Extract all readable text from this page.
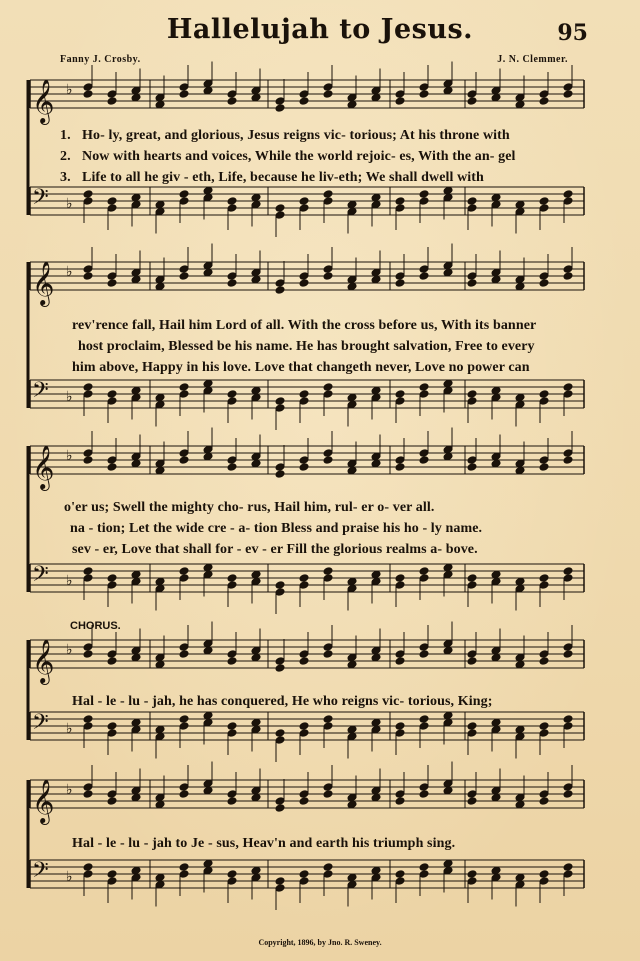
Hallelujah to Jesus.	95
Fanny J. Crosby.	J. N. Clemmer.
𝄞 ♭
𝄢 ♭
𝄞 ♭
𝄢 ♭
𝄞 ♭
𝄢 ♭
𝄞 ♭
𝄢 ♭
𝄞 ♭
𝄢 ♭
1. Ho- ly, great, and glorious, Jesus reigns vic- torious; At his throne with
2. Now with hearts and voices, While the world rejoic- es, With the an- gel
3. Life to all he giv - eth, Life, because he liv-eth; We shall dwell with
rev'rence fall, Hail him Lord of all. With the cross before us, With its banner
host proclaim, Blessed be his name. He has brought salvation, Free to every
him above, Happy in his love. Love that changeth never, Love no power can
o'er us; Swell the mighty cho- rus, Hail him, rul- er o- ver all.
na - tion; Let the wide cre - a- tion Bless and praise his ho - ly name.
sev - er, Love that shall for - ev - er Fill the glorious realms a- bove.
CHORUS.
Hal - le - lu - jah, he has conquered, He who reigns vic- torious, King;
Hal - le - lu - jah to Je - sus, Heav'n and earth his triumph sing.
Copyright, 1896, by Jno. R. Sweney.
